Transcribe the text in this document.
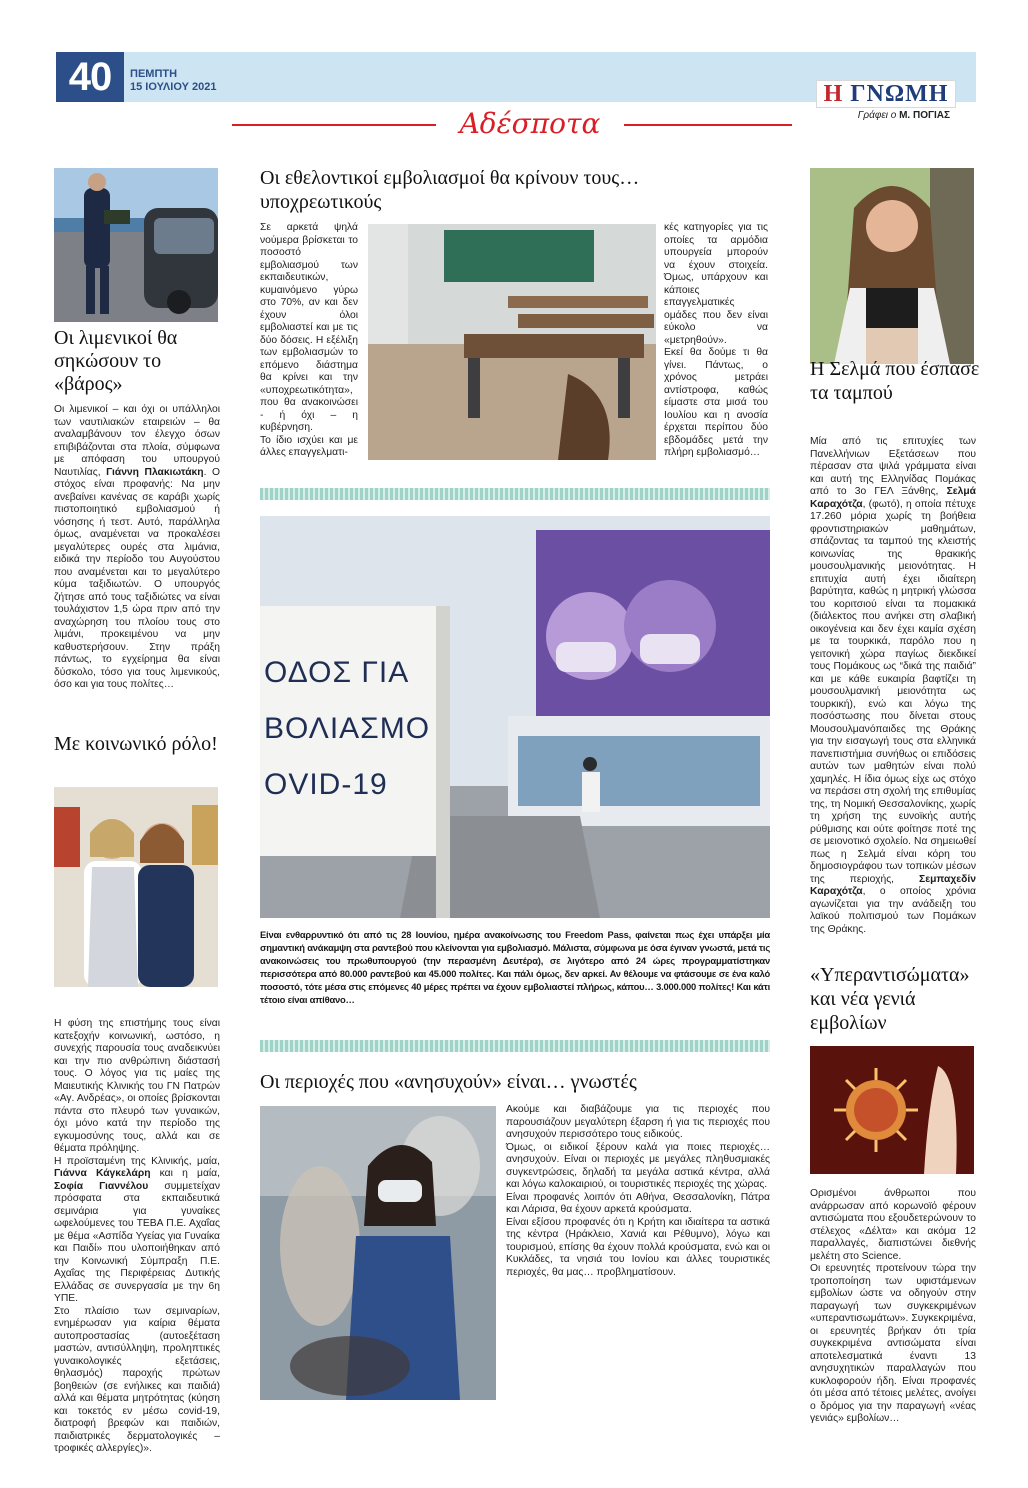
40	ΠΕΜΠΤΗ
15 ΙΟΥΛΙΟΥ 2021	Η ΓΝΩΜΗ
Γράφει ο Μ. ΠΟΓΙΑΣ
Αδέσποτα
Οι λιμενικοί θα σηκώσουν το «βάρος»

Οι λιμενικοί – και όχι οι υπάλληλοι των ναυτιλιακών εταιρειών – θα αναλαμβάνουν τον έλεγχο όσων επιβιβάζονται στα πλοία, σύμφωνα με απόφαση του υπουργού Ναυτιλίας, Γιάννη Πλακιωτάκη. Ο στόχος είναι προφανής: Να μην ανεβαίνει κανένας σε καράβι χωρίς πιστοποιητικό εμβολιασμού ή νόσησης ή τεστ. Αυτό, παράλληλα όμως, αναμένεται να προκαλέσει μεγαλύτερες ουρές στα λιμάνια, ειδικά την περίοδο του Αυγούστου που αναμένεται και το μεγαλύτερο κύμα ταξιδιωτών. Ο υπουργός ζήτησε από τους ταξιδιώτες να είναι τουλάχιστον 1,5 ώρα πριν από την αναχώρηση του πλοίου τους στο λιμάνι, προκειμένου να μην καθυστερήσουν. Στην πράξη πάντως, το εγχείρημα θα είναι δύσκολο, τόσο για τους λιμενικούς, όσο και για τους πολίτες…

Με κοινωνικό ρόλο!

Η φύση της επιστήμης τους είναι κατεξοχήν κοινωνική, ωστόσο, η συνεχής παρουσία τους αναδεικνύει και την πιο ανθρώπινη διάστασή τους. Ο λόγος για τις μαίες της Μαιευτικής Κλινικής του ΓΝ Πατρών «Αγ. Ανδρέας», οι οποίες βρίσκονται πάντα στο πλευρό των γυναικών, όχι μόνο κατά την περίοδο της εγκυμοσύνης τους, αλλά και σε θέματα πρόληψης.

Η προϊσταμένη της Κλινικής, μαία, Γιάννα Κάγκελάρη και η μαία, Σοφία Γιαννέλου συμμετείχαν πρόσφατα στα εκπαιδευτικά σεμινάρια για γυναίκες ωφελούμενες του ΤΕΒΑ Π.Ε. Αχαΐας με θέμα «Ασπίδα Υγείας για Γυναίκα και Παιδί» που υλοποιήθηκαν από την Κοινωνική Σύμπραξη Π.Ε. Αχαΐας της Περιφέρειας Δυτικής Ελλάδας σε συνεργασία με την 6η ΥΠΕ.

Στο πλαίσιο των σεμιναρίων, ενημέρωσαν για καίρια θέματα αυτοπροστασίας (αυτοεξέταση μαστών, αντισύλληψη, προληπτικές γυναικολογικές εξετάσεις, θηλασμός) παροχής πρώτων βοηθειών (σε ενήλικες και παιδιά) αλλά και θέματα μητρότητας (κύηση και τοκετός εν μέσω covid-19, διατροφή βρεφών και παιδιών, παιδιατρικές δερματολογικές – τροφικές αλλεργίες)».

Οι εθελοντικοί εμβολιασμοί θα κρίνουν τους… υποχρεωτικούς

Σε αρκετά ψηλά νούμερα βρίσκεται το ποσοστό εμβολιασμού των εκπαιδευτικών, κυμαινόμενο γύρω στο 70%, αν και δεν έχουν όλοι εμβολιαστεί και με τις δύο δόσεις. Η εξέλιξη των εμβολιασμών το επόμενο διάστημα θα κρίνει και την «υποχρεωτικότητα», που θα ανακοινώσει - ή όχι – η κυβέρνηση.

Το ίδιο ισχύει και με άλλες επαγγελματι-

κές κατηγορίες για τις οποίες τα αρμόδια υπουργεία μπορούν να έχουν στοιχεία. Όμως, υπάρχουν και κάποιες επαγγελματικές ομάδες που δεν είναι εύκολο να «μετρηθούν».

Εκεί θα δούμε τι θα γίνει. Πάντως, ο χρόνος μετράει αντίστροφα, καθώς είμαστε στα μισά του Ιουλίου και η ανοσία έρχεται περίπου δύο εβδομάδες μετά την πλήρη εμβολιασμό…

ΟΔΟΣ ΓΙΑ
ΒΟΛΙΑΣΜΟ
OVID-19
Είναι ενθαρρυντικό ότι από τις 28 Ιουνίου, ημέρα ανακοίνωσης του Freedom Pass, φαίνεται πως έχει υπάρξει μία σημαντική ανάκαμψη στα ραντεβού που κλείνονται για εμβολιασμό. Μάλιστα, σύμφωνα με όσα έγιναν γνωστά, μετά τις ανακοινώσεις του πρωθυπουργού (την περασμένη Δευτέρα), σε λιγότερο από 24 ώρες προγραμματίστηκαν περισσότερα από 80.000 ραντεβού και 45.000 πολίτες. Και πάλι όμως, δεν αρκεί. Αν θέλουμε να φτάσουμε σε ένα καλό ποσοστό, τότε μέσα στις επόμενες 40 μέρες πρέπει να έχουν εμβολιαστεί πλήρως, κάπου… 3.000.000 πολίτες! Και κάτι τέτοιο είναι απίθανο…
Οι περιοχές που «ανησυχούν» είναι… γνωστές

Ακούμε και διαβάζουμε για τις περιοχές που παρουσιάζουν μεγαλύτερη έξαρση ή για τις περιοχές που ανησυχούν περισσότερο τους ειδικούς.

Όμως, οι ειδικοί ξέρουν καλά για ποιες περιοχές… ανησυχούν. Είναι οι περιοχές με μεγάλες πληθυσμιακές συγκεντρώσεις, δηλαδή τα μεγάλα αστικά κέντρα, αλλά και λόγω καλοκαιριού, οι τουριστικές περιοχές της χώρας.

Είναι προφανές λοιπόν ότι Αθήνα, Θεσσαλονίκη, Πάτρα και Λάρισα, θα έχουν αρκετά κρούσματα.

Είναι εξίσου προφανές ότι η Κρήτη και ιδιαίτερα τα αστικά της κέντρα (Ηράκλειο, Χανιά και Ρέθυμνο), λόγω και τουρισμού, επίσης θα έχουν πολλά κρούσματα, ενώ και οι Κυκλάδες, τα νησιά του Ιονίου και άλλες τουριστικές περιοχές, θα μας… προβληματίσουν.

Η Σελμά που έσπασε τα ταμπού

Μία από τις επιτυχίες των Πανελλήνιων Εξετάσεων που πέρασαν στα ψιλά γράμματα είναι και αυτή της Ελληνίδας Πομάκας από το 3ο ΓΕΛ Ξάνθης, Σελμά Καραχότζα, (φωτό), η οποία πέτυχε 17.260 μόρια χωρίς τη βοήθεια φροντιστηριακών μαθημάτων, σπάζοντας τα ταμπού της κλειστής κοινωνίας της θρακικής μουσουλμανικής μειονότητας. Η επιτυχία αυτή έχει ιδιαίτερη βαρύτητα, καθώς η μητρική γλώσσα του κοριτσιού είναι τα πομακικά (διάλεκτος που ανήκει στη σλαβική οικογένεια και δεν έχει καμία σχέση με τα τουρκικά, παρόλο που η γειτονική χώρα παγίως διεκδικεί τους Πομάκους ως “δικά της παιδιά” και με κάθε ευκαιρία βαφτίζει τη μουσουλμανική μειονότητα ως τουρκική), ενώ και λόγω της ποσόστωσης που δίνεται στους Μουσουλμανόπαιδες της Θράκης για την εισαγωγή τους στα ελληνικά πανεπιστήμια συνήθως οι επιδόσεις αυτών των μαθητών είναι πολύ χαμηλές. Η ίδια όμως είχε ως στόχο να περάσει στη σχολή της επιθυμίας της, τη Νομική Θεσσαλονίκης, χωρίς τη χρήση της ευνοϊκής αυτής ρύθμισης και ούτε φοίτησε ποτέ της σε μειονοτικό σχολείο. Να σημειωθεί πως η Σελμά είναι κόρη του δημοσιογράφου των τοπικών μέσων της περιοχής, Σεμπαχεδίν Καραχότζα, ο οποίος χρόνια αγωνίζεται για την ανάδειξη του λαϊκού πολιτισμού των Πομάκων της Θράκης.

«Υπεραντισώματα» και νέα γενιά εμβολίων

Ορισμένοι άνθρωποι που ανάρρωσαν από κορωνοϊό φέρουν αντισώματα που εξουδετερώνουν το στέλεχος «Δέλτα» και ακόμα 12 παραλλαγές, διαπιστώνει διεθνής μελέτη στο Science.

Οι ερευνητές προτείνουν τώρα την τροποποίηση των υφιστάμενων εμβολίων ώστε να οδηγούν στην παραγωγή των συγκεκριμένων «υπεραντισωμάτων». Συγκεκριμένα, οι ερευνητές βρήκαν ότι τρία συγκεκριμένα αντισώματα είναι αποτελεσματικά έναντι 13 ανησυχητικών παραλλαγών που κυκλοφορούν ήδη. Είναι προφανές ότι μέσα από τέτοιες μελέτες, ανοίγει ο δρόμος για την παραγωγή «νέας γενιάς» εμβολίων…
